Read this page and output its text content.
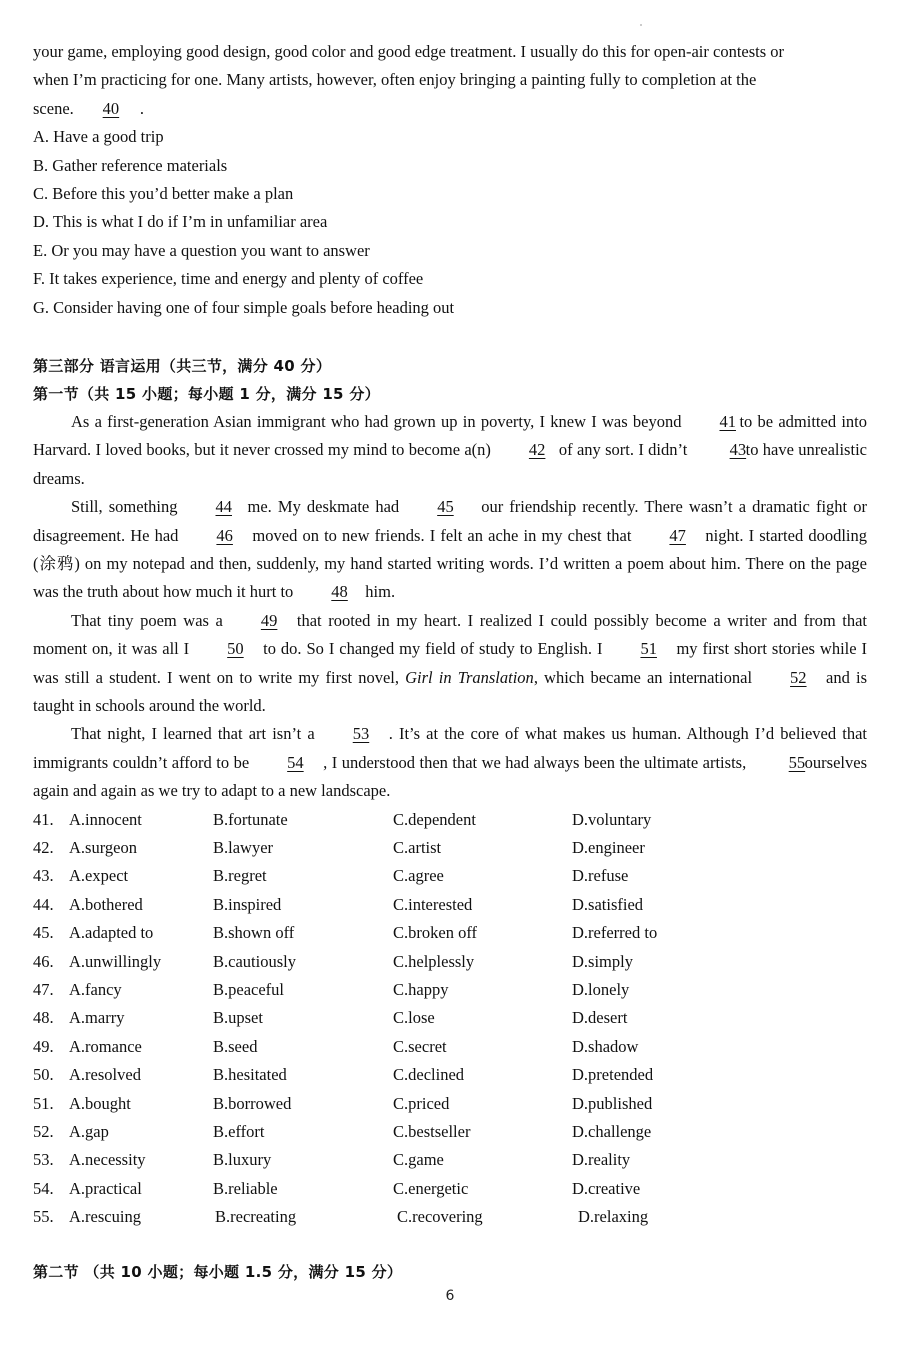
your game, employing good design, good color and good edge treatment. I usually do this for open-air contests or
when I’m practicing for one. Many artists, however, often enjoy bringing a painting fully to completion at the
scene. 40 .
A. Have a good trip
B. Gather reference materials
C. Before this you’d better make a plan
D. This is what I do if I’m in unfamiliar area
E. Or you may have a question you want to answer
F. It takes experience, time and energy and plenty of coffee
G. Consider having one of four simple goals before heading out
第三部分 语言运用（共三节，满分 40 分）
第一节（共 15 小题；每小题 1 分，满分 15 分）
As a first-generation Asian immigrant who had grown up in poverty, I knew I was beyond 41 to be admitted into Harvard. I loved books, but it never crossed my mind to become a(n) 42 of any sort. I didn’t 43to have unrealistic dreams.
Still, something 44 me. My deskmate had 45 our friendship recently. There wasn’t a dramatic fight or disagreement. He had 46 moved on to new friends. I felt an ache in my chest that 47 night. I started doodling (涂鸦) on my notepad and then, suddenly, my hand started writing words. I’d written a poem about him. There on the page was the truth about how much it hurt to 48 him.
That tiny poem was a 49 that rooted in my heart. I realized I could possibly become a writer and from that moment on, it was all I 50 to do. So I changed my field of study to English. I 51 my first short stories while I was still a student. I went on to write my first novel, Girl in Translation, which became an international 52 and is taught in schools around the world.
That night, I learned that art isn’t a 53 . It’s at the core of what makes us human. Although I’d believed that immigrants couldn’t afford to be 54 , I understood then that we had always been the ultimate artists, 55ourselves again and again as we try to adapt to a new landscape.
41. A.innocent	B.fortunate	C.dependent	D.voluntary
42. A.surgeon	B.lawyer	C.artist	D.engineer
43. A.expect	B.regret	C.agree	D.refuse
44. A.bothered	B.inspired	C.interested	D.satisfied
45. A.adapted to	B.shown off	C.broken off	D.referred to
46. A.unwillingly	B.cautiously	C.helplessly	D.simply
47. A.fancy	B.peaceful	C.happy	D.lonely
48. A.marry	B.upset	C.lose	D.desert
49. A.romance	B.seed	C.secret	D.shadow
50. A.resolved	B.hesitated	C.declined	D.pretended
51. A.bought	B.borrowed	C.priced	D.published
52. A.gap	B.effort	C.bestseller	D.challenge
53. A.necessity	B.luxury	C.game	D.reality
54. A.practical	B.reliable	C.energetic	D.creative
55. A.rescuing	B.recreating	C.recovering	D.relaxing
第二节 （共 10 小题；每小题 1.5 分，满分 15 分）
6
